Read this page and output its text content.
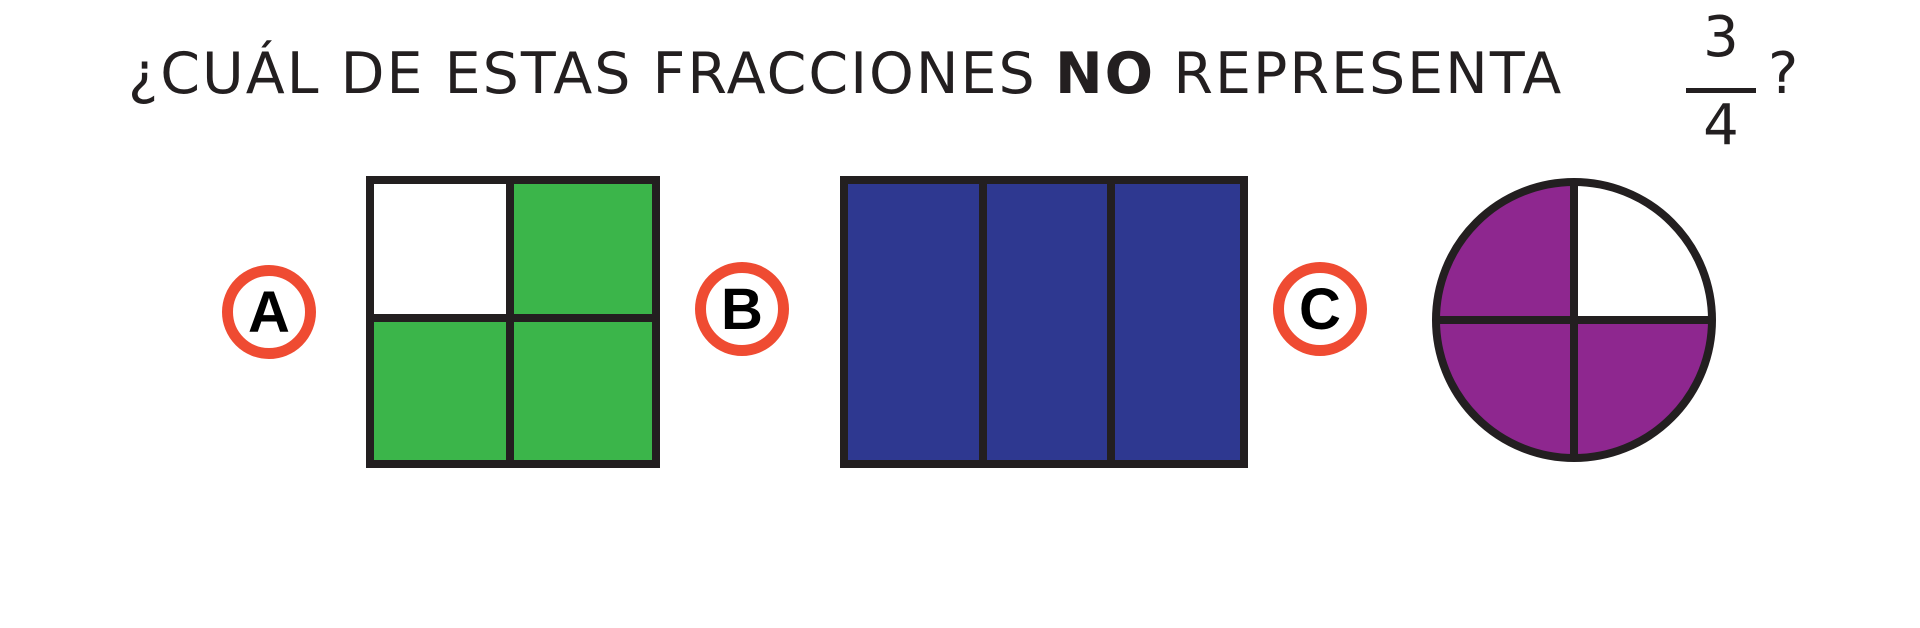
¿CUÁL DE ESTAS FRACCIONES NO REPRESENTA
3
4
?
A	B	C
